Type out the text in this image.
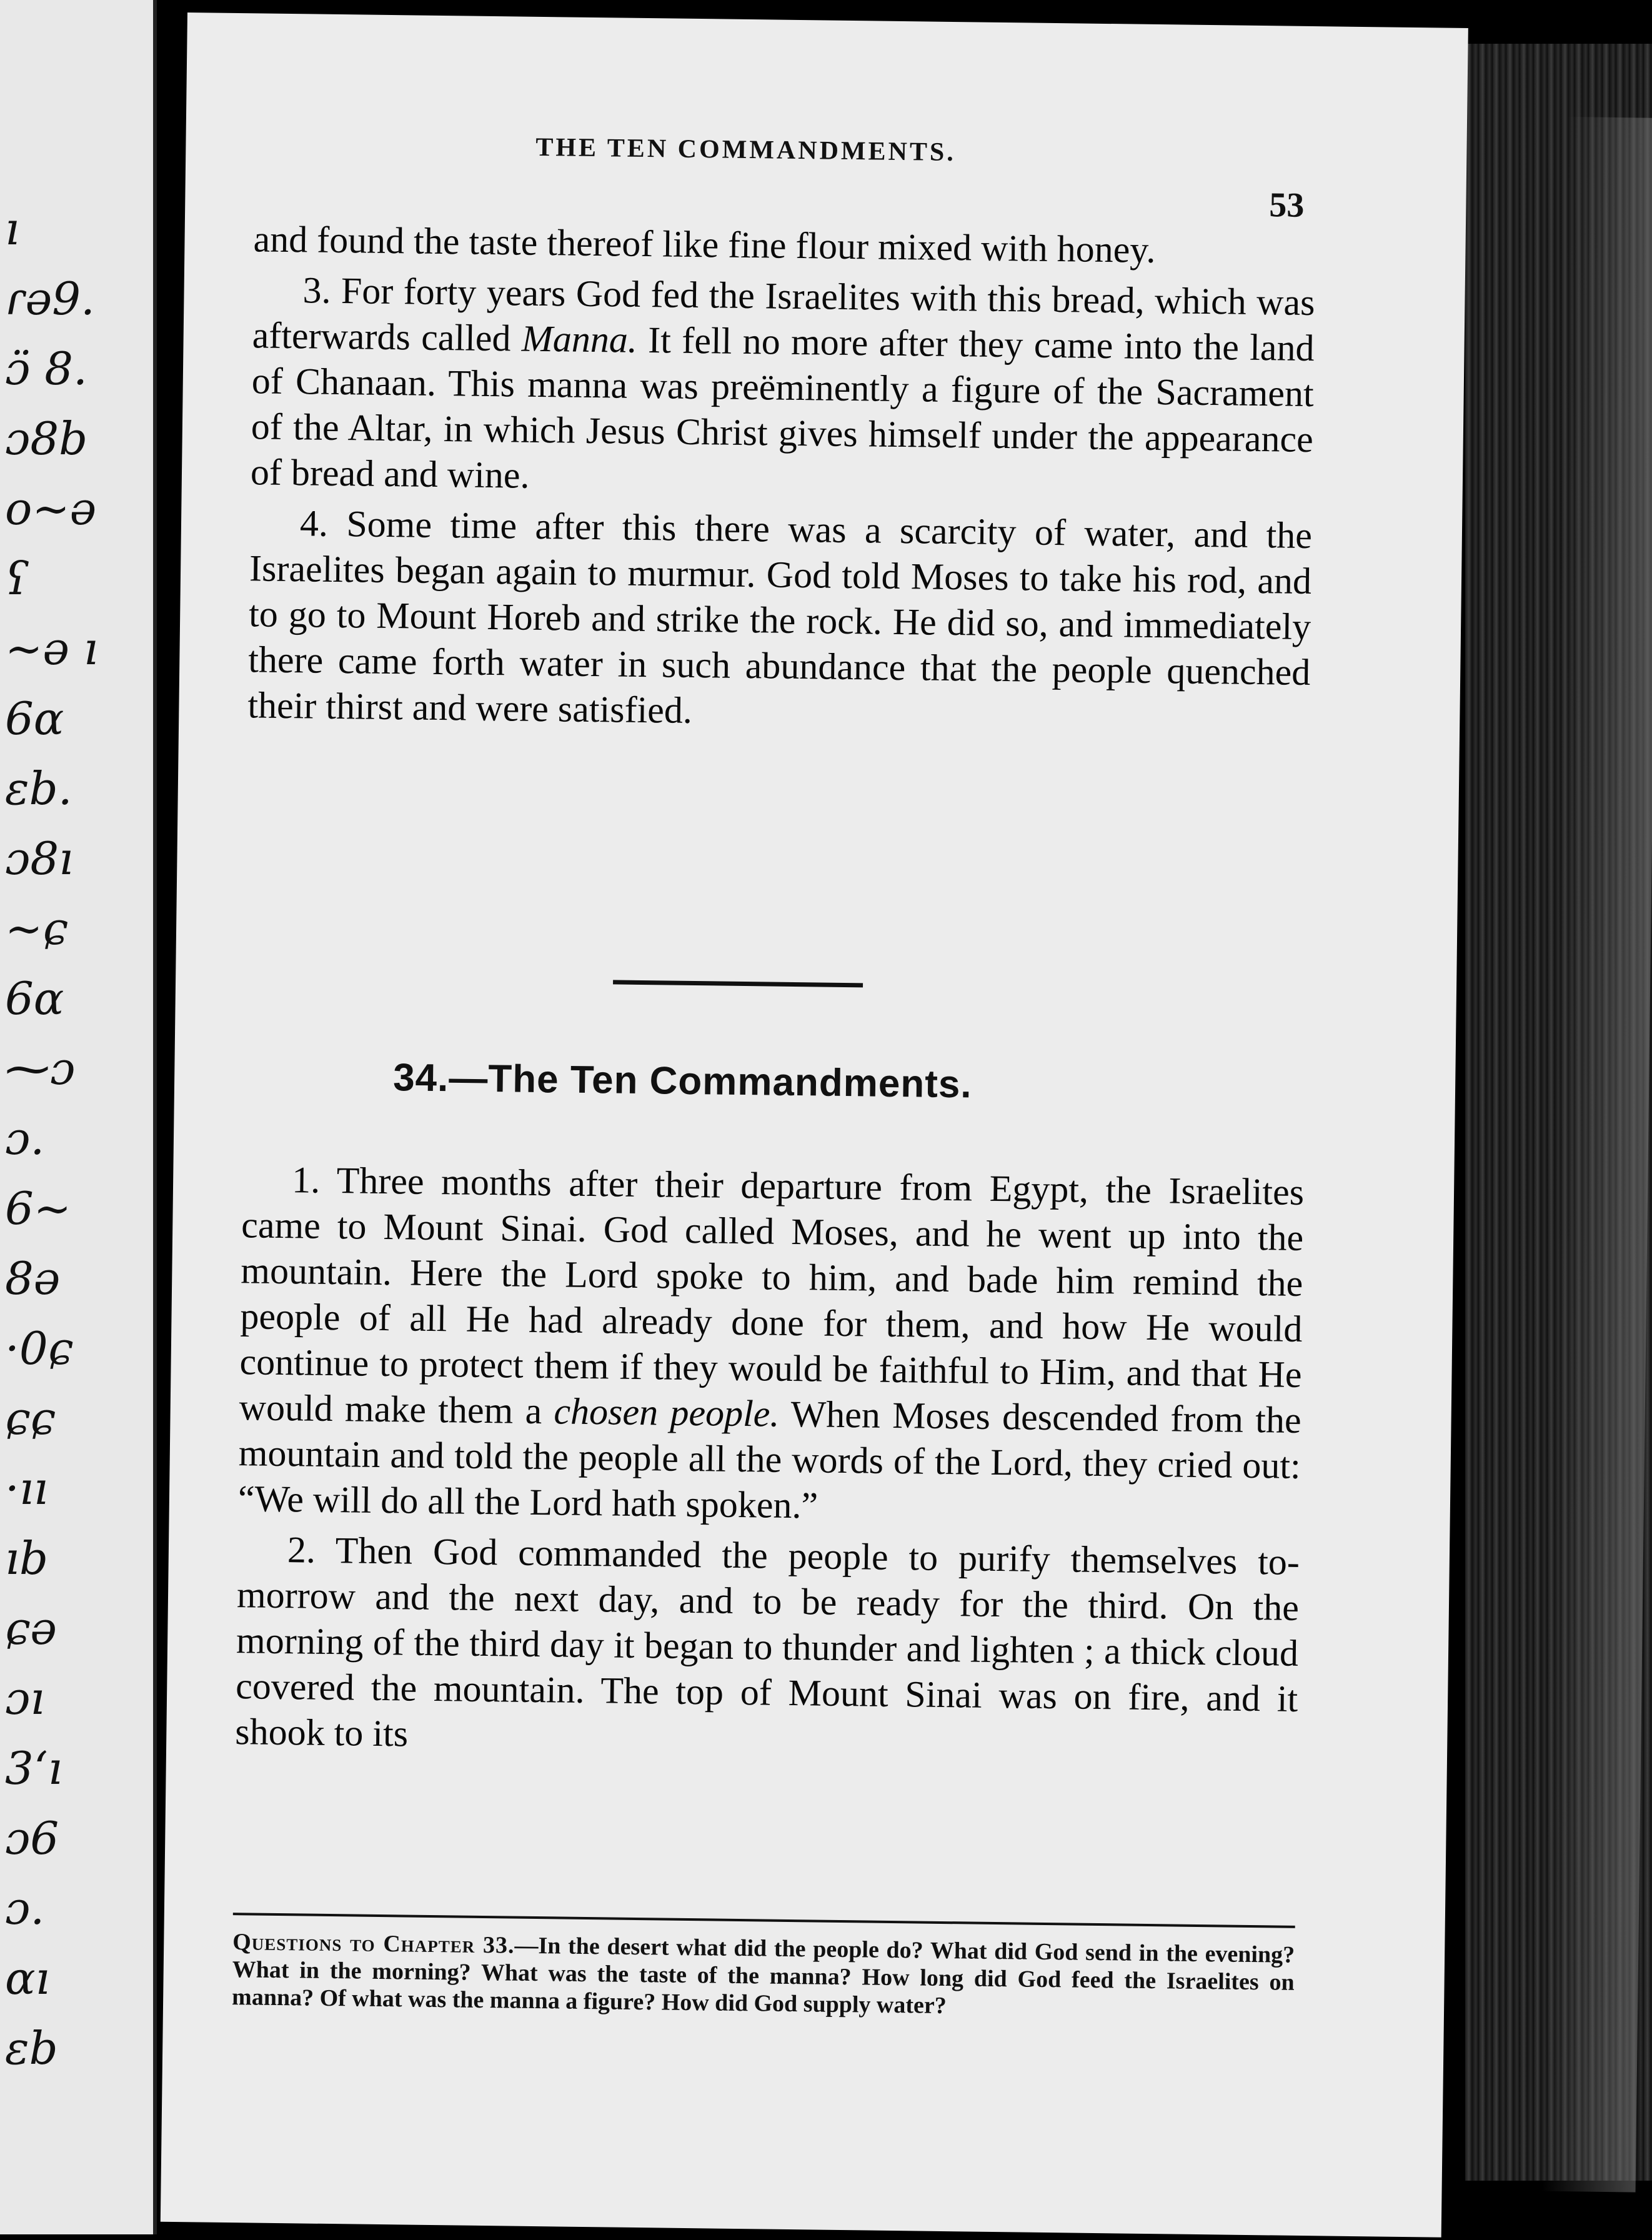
ı
ɾə9.
ɔ̈ 8.
ɔ8b
o~ə
ʕ
~ə ı
6ɑ
ɛb.
ɔ8ı
~ɕ
6ɑ
⁓ɔ
ɔ.
6~
8ə
·0ɕ
ɕɕ
·ıı
ıb
ɕə
ɔı
3ʻı
ɔ6
ɔ.
ɑı
ɛb
THE TEN COMMANDMENTS.
53

and found the taste thereof like fine flour mixed with honey.

3. For forty years God fed the Israelites with this bread, which was afterwards called Manna. It fell no more after they came into the land of Chanaan. This manna was preëminently a figure of the Sacrament of the Altar, in which Jesus Christ gives himself under the appearance of bread and wine.

4. Some time after this there was a scarcity of water, and the Israelites began again to murmur. God told Moses to take his rod, and to go to Mount Horeb and strike the rock. He did so, and immediately there came forth water in such abundance that the people quenched their thirst and were satisfied.

34.—The Ten Commandments.

1. Three months after their departure from Egypt, the Israelites came to Mount Sinai. God called Moses, and he went up into the mountain. Here the Lord spoke to him, and bade him remind the people of all He had already done for them, and how He would continue to protect them if they would be faithful to Him, and that He would make them a chosen people. When Moses descended from the mountain and told the people all the words of the Lord, they cried out: “We will do all the Lord hath spoken.”

2. Then God commanded the people to purify themselves to-morrow and the next day, and to be ready for the third. On the morning of the third day it began to thunder and lighten ; a thick cloud covered the mountain. The top of Mount Sinai was on fire, and it shook to its

Questions to Chapter 33.—In the desert what did the people do? What did God send in the evening? What in the morning? What was the taste of the manna? How long did God feed the Israelites on manna? Of what was the manna a figure? How did God supply water?
